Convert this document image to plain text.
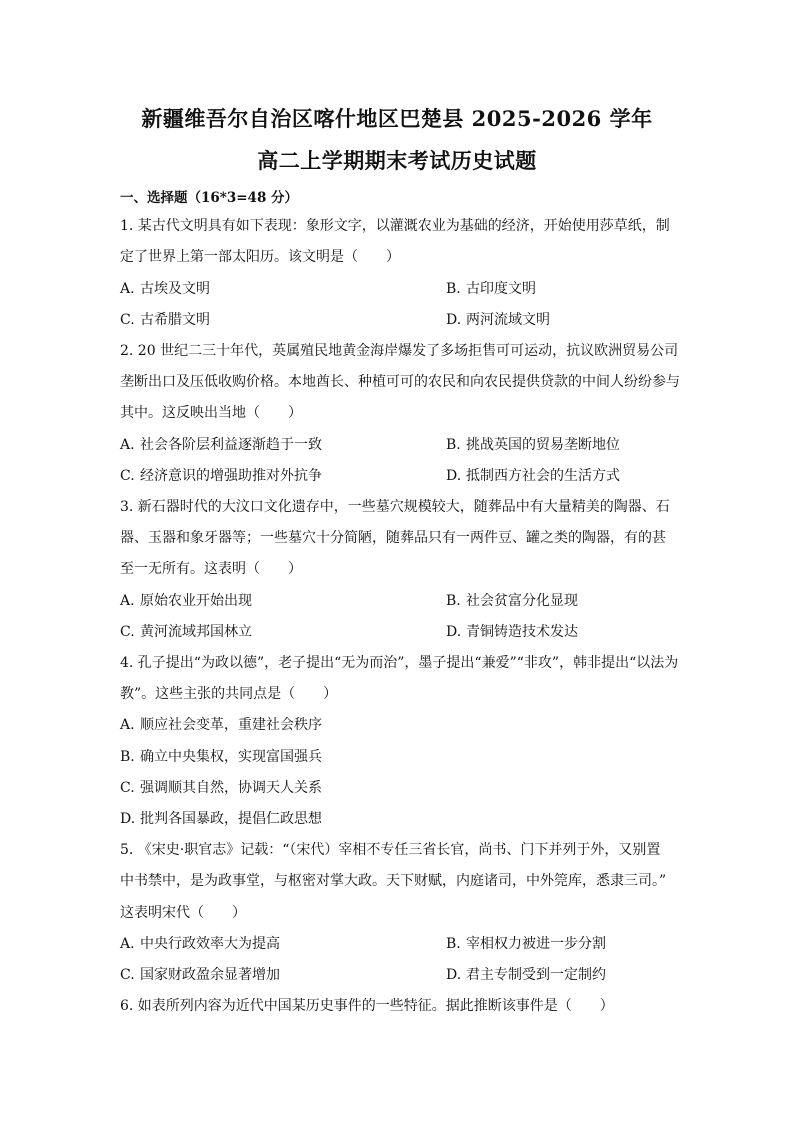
新疆维吾尔自治区喀什地区巴楚县 2025-2026 学年
高二上学期期末考试历史试题
一、选择题（16*3=48 分）
1. 某古代文明具有如下表现：象形文字，以灌溉农业为基础的经济，开始使用莎草纸，制
定了世界上第一部太阳历。该文明是（　　）
A. 古埃及文明	B. 古印度文明
C. 古希腊文明	D. 两河流域文明
2. 20 世纪二三十年代，英属殖民地黄金海岸爆发了多场拒售可可运动，抗议欧洲贸易公司
垄断出口及压低收购价格。本地酋长、种植可可的农民和向农民提供贷款的中间人纷纷参与
其中。这反映出当地（　　）
A. 社会各阶层利益逐渐趋于一致	B. 挑战英国的贸易垄断地位
C. 经济意识的增强助推对外抗争	D. 抵制西方社会的生活方式
3. 新石器时代的大汶口文化遗存中，一些墓穴规模较大，随葬品中有大量精美的陶器、石
器、玉器和象牙器等；一些墓穴十分简陋，随葬品只有一两件豆、罐之类的陶器，有的甚
至一无所有。这表明（　　）
A. 原始农业开始出现	B. 社会贫富分化显现
C. 黄河流域邦国林立	D. 青铜铸造技术发达
4. 孔子提出“为政以德”，老子提出“无为而治”，墨子提出“兼爱”“非攻”，韩非提出“以法为
教”。这些主张的共同点是（　　）
A. 顺应社会变革，重建社会秩序
B. 确立中央集权，实现富国强兵
C. 强调顺其自然，协调天人关系
D. 批判各国暴政，提倡仁政思想
5. 《宋史·职官志》记载：“（宋代）宰相不专任三省长官，尚书、门下并列于外，又别置
中书禁中，是为政事堂，与枢密对掌大政。天下财赋，内庭诸司，中外筦库，悉隶三司。”
这表明宋代（　　）
A. 中央行政效率大为提高	B. 宰相权力被进一步分割
C. 国家财政盈余显著增加	D. 君主专制受到一定制约
6. 如表所列内容为近代中国某历史事件的一些特征。据此推断该事件是（　　）
